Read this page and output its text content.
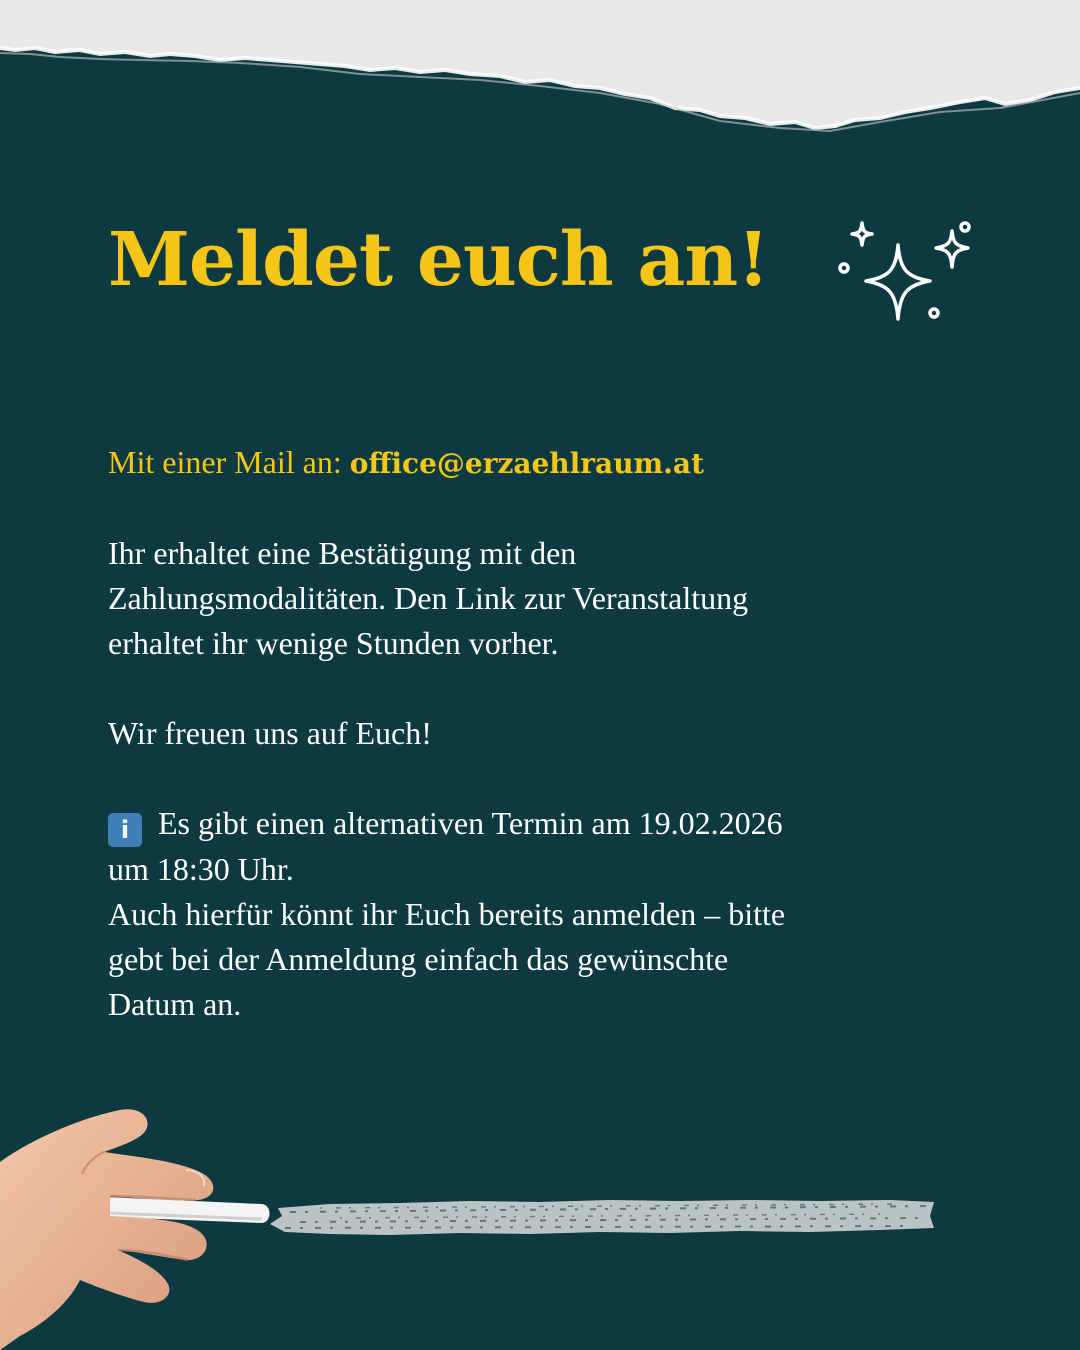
Meldet euch an!

Mit einer Mail an: office@erzaehlraum.at

Ihr erhaltet eine Bestätigung mit den
Zahlungsmodalitäten. Den Link zur Veranstaltung
erhaltet ihr wenige Stunden vorher.

Wir freuen uns auf Euch!

i Es gibt einen alternativen Termin am 19.02.2026
um 18:30 Uhr.
Auch hierfür könnt ihr Euch bereits anmelden – bitte
gebt bei der Anmeldung einfach das gewünschte
Datum an.
